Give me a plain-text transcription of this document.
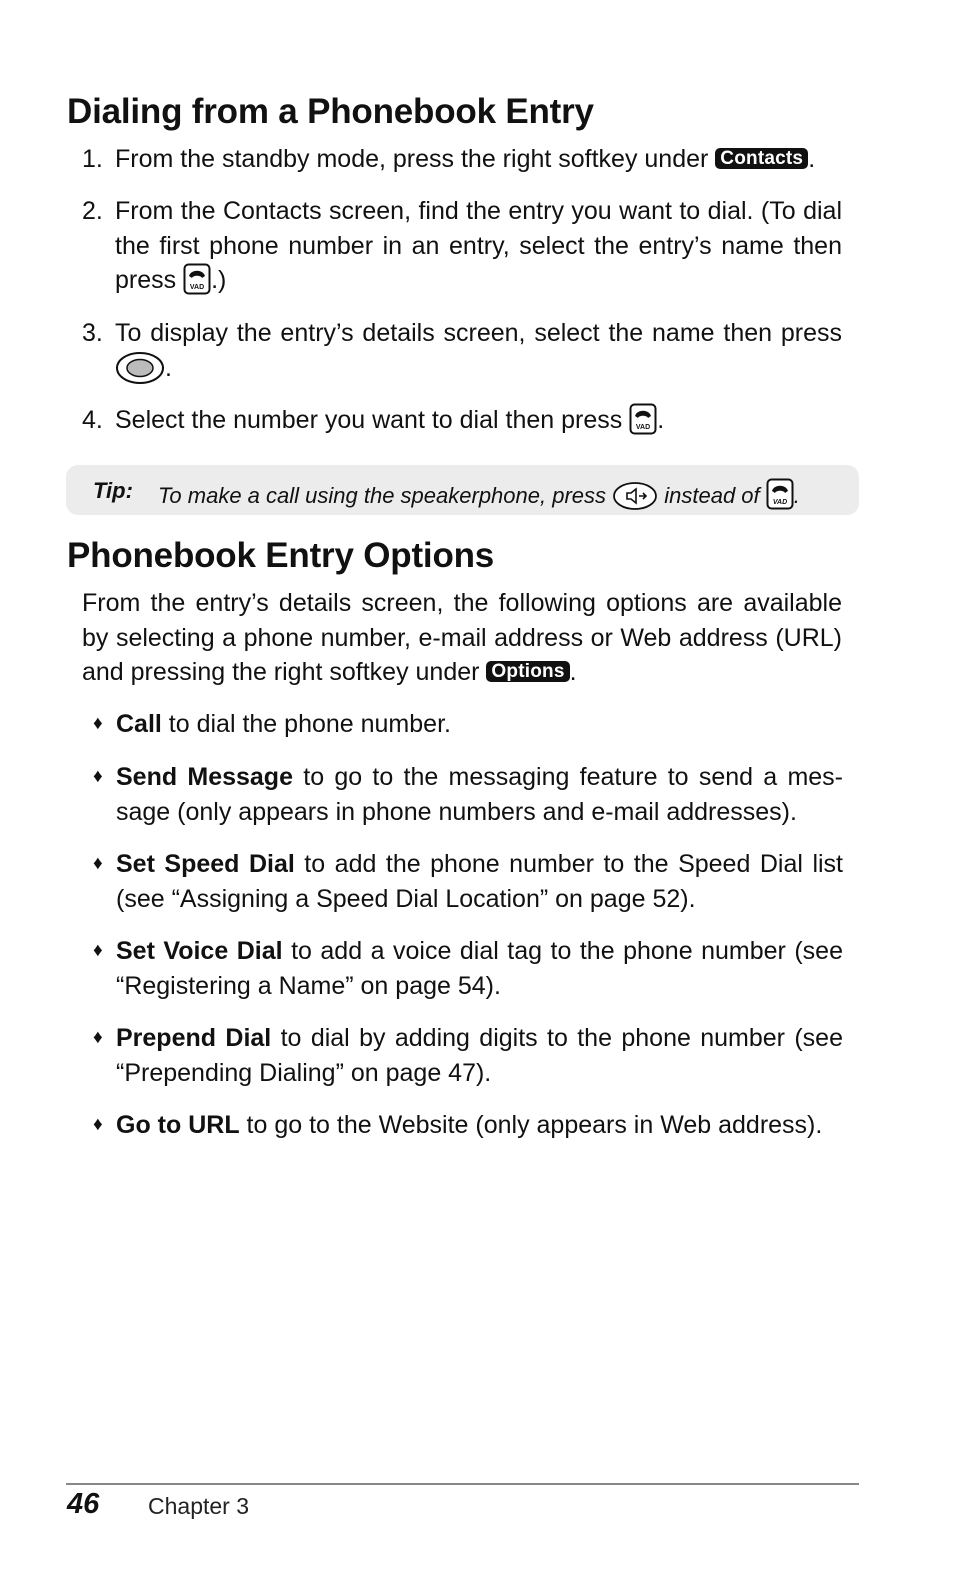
Dialing from a Phonebook Entry
1. From the standby mode, press the right softkey under Contacts .
2. From the Contacts screen, find the entry you want to dial. (To dial the first phone number in an entry, select the entry’s name then press VAD .)
3. To display the entry’s details screen, select the name then press .
4. Select the number you want to dial then press VAD .
Tip: To make a call using the speakerphone, press  instead of VAD .
Phonebook Entry Options
From the entry’s details screen, the following options are available by selecting a phone number, e-mail address or Web address (URL) and pressing the right softkey under Options .
♦ Call to dial the phone number.
♦ Send Message to go to the messaging feature to send a mes-sage (only appears in phone numbers and e-mail addresses).
♦ Set Speed Dial to add the phone number to the Speed Dial list (see “Assigning a Speed Dial Location” on page 52).
♦ Set Voice Dial to add a voice dial tag to the phone number (see “Registering a Name” on page 54).
♦ Prepend Dial to dial by adding digits to the phone number (see “Prepending Dialing” on page 47).
♦ Go to URL to go to the Website (only appears in Web address).
46 Chapter 3
